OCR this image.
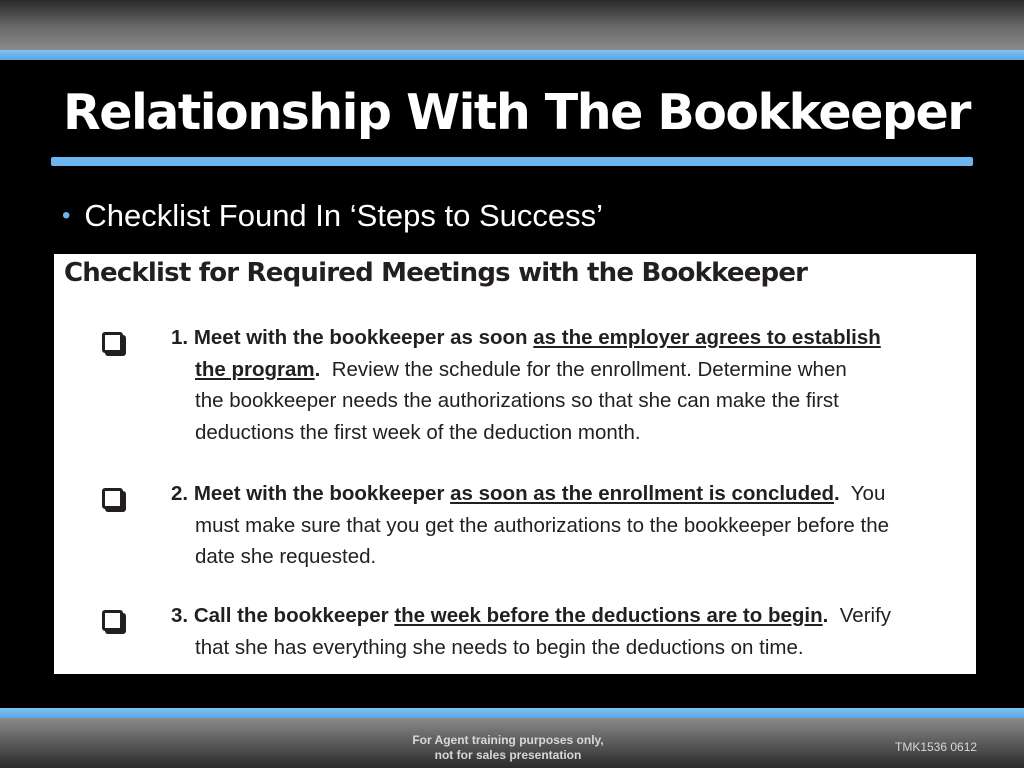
Relationship With The Bookkeeper

• Checklist Found In ‘Steps to Success’

Checklist for Required Meetings with the Bookkeeper

1. Meet with the bookkeeper as soon as the employer agrees to establish
the program. Review the schedule for the enrollment. Determine when
the bookkeeper needs the authorizations so that she can make the first
deductions the first week of the deduction month.

2. Meet with the bookkeeper as soon as the enrollment is concluded. You
must make sure that you get the authorizations to the bookkeeper before the
date she requested.

3. Call the bookkeeper the week before the deductions are to begin. Verify
that she has everything she needs to begin the deductions on time.

For Agent training purposes only,
not for sales presentation

TMK1536 0612
